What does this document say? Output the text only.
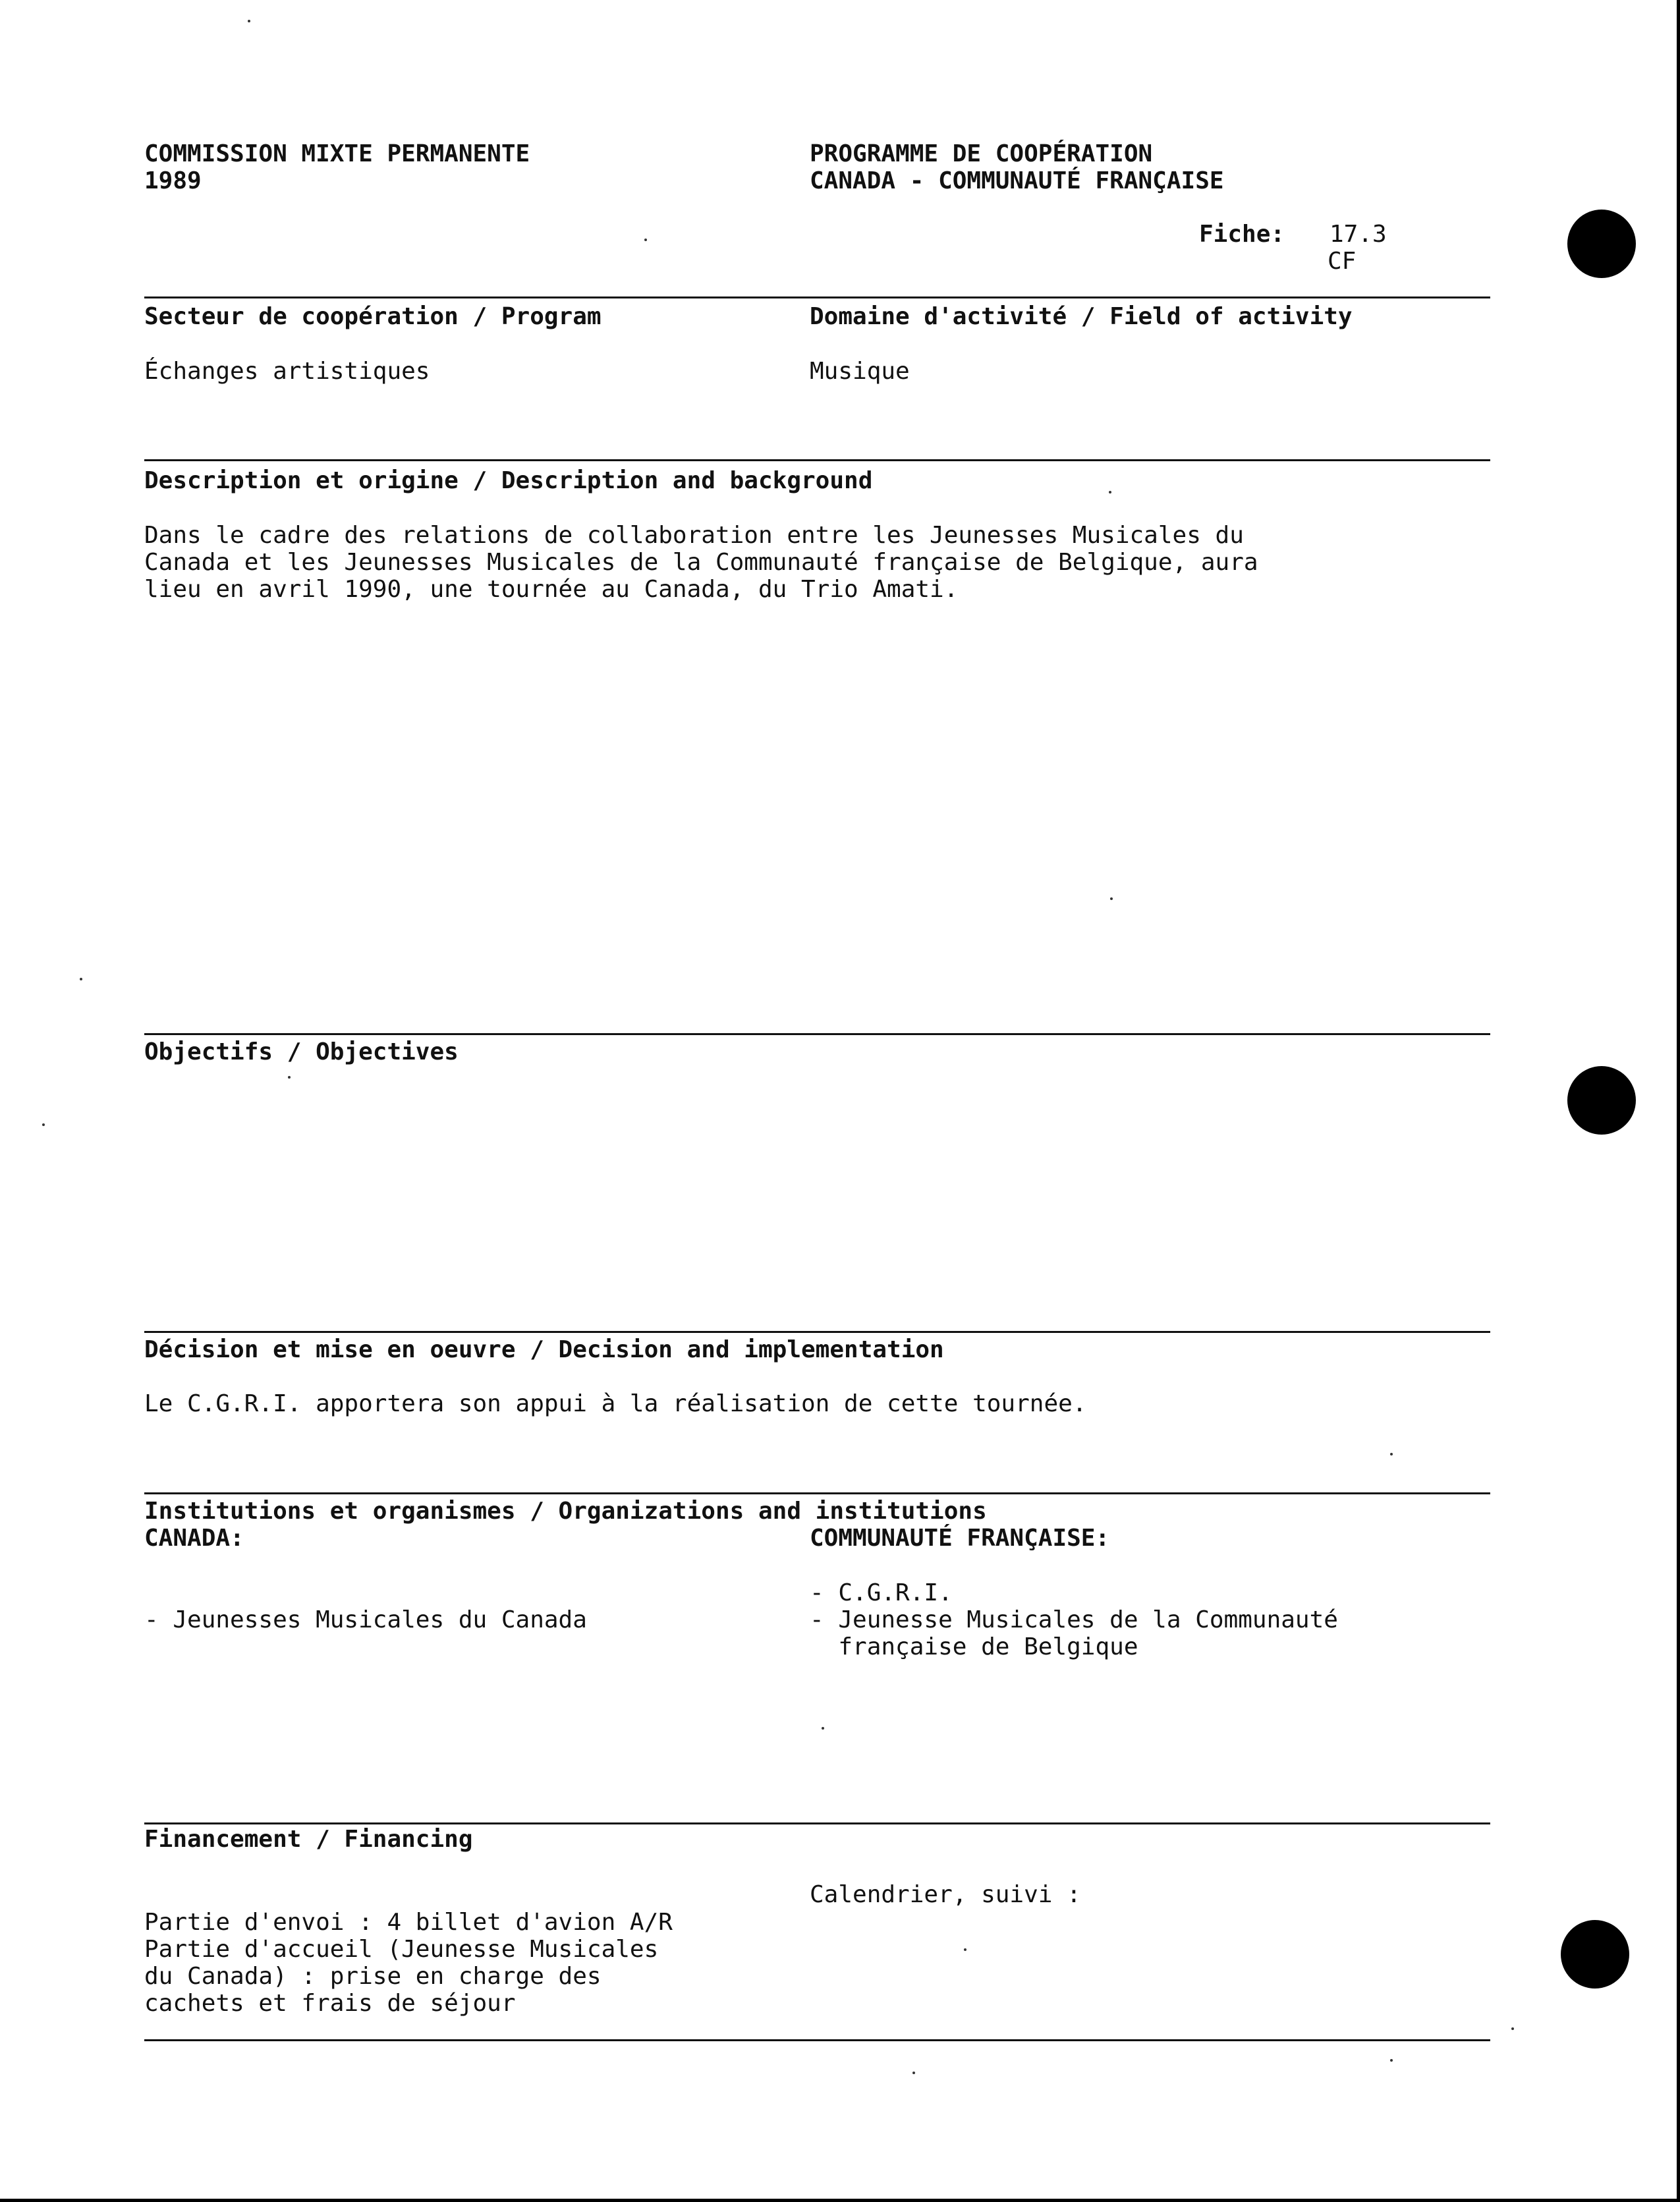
COMMISSION MIXTE PERMANENTE
1989
PROGRAMME DE COOPÉRATION
CANADA - COMMUNAUTÉ FRANÇAISE
Fiche: 17.3
CF
Secteur de coopération / Program
Échanges artistiques
Domaine d'activité / Field of activity
Musique
Description et origine / Description and background
Dans le cadre des relations de collaboration entre les Jeunesses Musicales du
Canada et les Jeunesses Musicales de la Communauté française de Belgique, aura
lieu en avril 1990, une tournée au Canada, du Trio Amati.
Objectifs / Objectives
Décision et mise en oeuvre / Decision and implementation
Le C.G.R.I. apportera son appui à la réalisation de cette tournée.
Institutions et organismes / Organizations and institutions
CANADA:	COMMUNAUTÉ FRANÇAISE:
- Jeunesses Musicales du Canada
- C.G.R.I.
- Jeunesse Musicales de la Communauté
française de Belgique
Financement / Financing
Calendrier, suivi :
Partie d'envoi : 4 billet d'avion A/R
Partie d'accueil (Jeunesse Musicales
du Canada) : prise en charge des
cachets et frais de séjour
